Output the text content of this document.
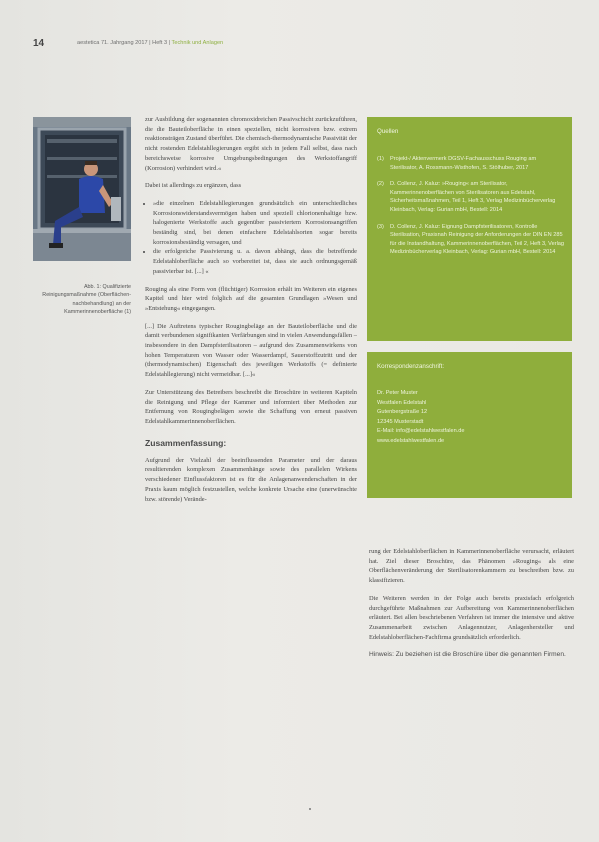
14	aestetica 71. Jahrgang 2017 | Heft 3 | Technik und Anlagen
Abb. 1: Qualifizierte Reinigungsmaßnahme (Oberflächen-nachbehandlung) an der Kammerinnenoberfläche (1)

zur Ausbildung der sogenannten chromoxidreichen Passivschicht zurückzuführen, die die Bauteiloberfläche in einen speziellen, nicht korrosiven bzw. extrem reaktionsträgen Zustand überführt. Die chemisch-thermodynamische Passivität der nicht rostenden Edelstahllegierungen ergibt sich in jedem Fall selbst, dass nach bereichsweise korrosive Umgebungsbedingungen des Werkstoffangriff (Korrosion) verhindert wird.«

Dabei ist allerdings zu ergänzen, dass

• »die einzelnen Edelstahllegierungen grundsätzlich ein unterschiedliches Korrosionswiderstandsvermögen haben und speziell chlorionenhaltige bzw. halogenierte Werkstoffe auch gegenüber passiviertem Korrosionsangriffen beständig sind, bei denen einfachere Edelstahlsorten sogar bereits korrosionsbeständig versagen, und
• die erfolgreiche Passivierung u. a. davon abhängt, dass die betreffende Edelstahloberfläche auch so vorbereitet ist, dass sie auch ordnungsgemäß passivierbar ist. [...] «

Rouging als eine Form von (flüchtiger) Korrosion erhält im Weiteren ein eigenes Kapitel und hier wird folglich auf die gesamten Grundlagen »Wesen und »Entstehung« eingegangen.

[...] Die Auftretens typischer Rougingbeläge an der Bauteiloberfläche und die damit verbundenen signifikanten Verfärbungen sind in vielen Anwendungsfällen – insbesondere in den Dampfsterilisatoren – aufgrund des Zusammenwirkens von hohen Temperaturen von Wasser oder Wasserdampf, Sauerstoffzutritt und der (thermodynamischen) Eigenschaft des jeweiligen Werkstoffs (= definierte Edelstahllegierung) nicht vermeidbar. [...]«

Zur Unterstützung des Betreibers beschreibt die Broschüre in weiteren Kapiteln die Reinigung und Pflege der Kammer und informiert über Methoden zur Entfernung von Rougingbelägen sowie die Schaffung von erneut passiven Edelstahlkammerinnenoberflächen.

Zusammenfassung:

Aufgrund der Vielzahl der beeinflussenden Parameter und der daraus resultierenden komplexen Zusammenhänge sowie des parallelen Wirkens verschiedener Einflussfaktoren ist es für die Anlagenanwenderschaften in der Praxis kaum möglich festzustellen, welche konkrete Ursache eine (unerwünschte bzw. störende) Verände-

Quellen
(1)	Projekt-/ Aktenvermerk DGSV-Fachausschuss Rouging am Sterilisator, A. Rossmann-Wisthofen, S. Stölhuber, 2017
(2)	D. Collenz, J. Kaluz: »Rouging« am Sterilisator, Kammerinnenoberflächen von Sterilisatoren aus Edelstahl, Sicherheitsmaßnahmen, Teil 1, Heft 3, Verlag Medizinbücherverlag Kleinbach, Verlag: Gurian mbH, Bestell: 2014
(3)	D. Collenz, J. Kaluz: Eignung Dampfsterilisatoren, Kontrolle Sterilisation, Praxisnah Reinigung der Anforderungen der DIN EN 285 für die Instandhaltung, Kammerinnenoberflächen, Teil 2, Heft 3, Verlag Medizinbücherverlag Kleinbach, Verlag: Gurian mbH, Bestell: 2014
Korrespondenzanschrift:
Dr. Peter Muster
Westfalen Edelstahl
Gutenbergstraße 12
12345 Musterstadt
E-Mail: info@edelstahlwestfalen.de
www.edelstahlwestfalen.de

rung der Edelstahloberflächen in Kammerinnenoberfläche verursacht, erläutert hat. Ziel dieser Broschüre, das Phänomen »Rouging« als eine Oberflächenveränderung der Sterilisatorenkammern zu beschreiben bzw. zu klassifizieren.

Die Weiteren werden in der Folge auch bereits praxisfach erfolgreich durchgeführte Maßnahmen zur Aufbereitung von Kammerinnenoberflächen erläutert. Bei allen beschriebenen Verfahren ist immer die intensive und aktive Zusammenarbeit zwischen Anlagennutzer, Anlagenhersteller und Edelstahloberflächen-Fachfirma grundsätzlich erforderlich.

Hinweis: Zu beziehen ist die Broschüre über die genannten Firmen.
